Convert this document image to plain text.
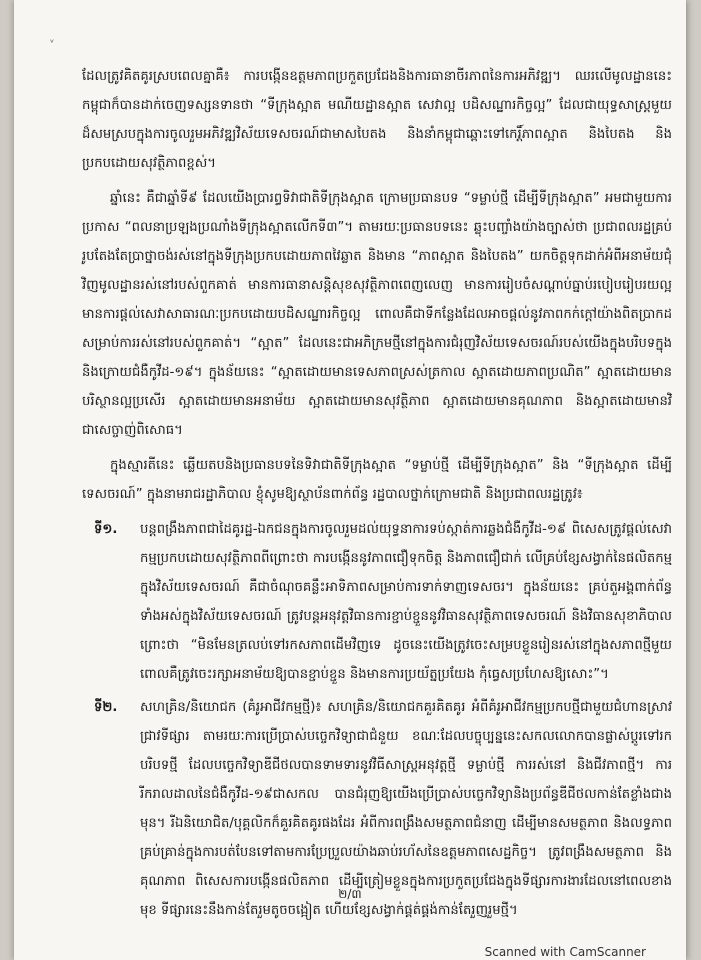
ᵛ

ដែលត្រូវគិតគូរស្របពេលគ្នាគឺ៖ ការបង្កើនឧត្តមភាពប្រកួតប្រជែងនិងការធានាចីរភាពនៃការអភិវឌ្ឍ។ ឈរលើមូលដ្ឋាននេះ កម្ពុជាក៏បានដាក់ចេញទស្សនទានថា “ទីក្រុងស្អាត មណីយដ្ឋានស្អាត សេវាល្អ បដិសណ្ឋារកិច្ចល្អ” ដែលជាយុទ្ធសាស្ត្រមួយដ៏សមស្របក្នុងការចូលរួមអភិវឌ្ឍវិស័យទេសចរណ៍ជាមាសបៃតង និងនាំកម្ពុជាឆ្ពោះទៅកេរ្តិ៍ភាពស្អាត និងបៃតង និងប្រកបដោយសុវត្ថិភាពខ្ពស់។

ឆ្នាំនេះ គឺជាឆ្នាំទី៩ ដែលយើងប្រារព្ធទិវាជាតិទីក្រុងស្អាត ក្រោមប្រធានបទ “ទម្លាប់ថ្មី ដើម្បីទីក្រុងស្អាត” អមជាមួយការប្រកាស “ពលនាប្រឡងប្រណាំងទីក្រុងស្អាតលើកទី៣”។ តាមរយៈប្រធានបទនេះ ឆ្លុះបញ្ចាំងយ៉ាងច្បាស់ថា ប្រជាពលរដ្ឋគ្រប់រូបតែងតែប្រាថ្នាចង់រស់នៅក្នុងទីក្រុងប្រកបដោយភាពវៃឆ្លាត និងមាន “ភាពស្អាត និងបៃតង” យកចិត្តទុកដាក់អំពីអនាម័យជុំវិញមូលដ្ឋានរស់នៅរបស់ពួកគាត់ មានការធានាសន្តិសុខសុវត្ថិភាពពេញលេញ មានការរៀបចំសណ្តាប់ធ្នាប់របៀបរៀបរយល្អ មានការផ្តល់សេវាសាធារណៈប្រកបដោយបដិសណ្ឋារកិច្ចល្អ ពោលគឺជាទីកន្លែងដែលអាចផ្តល់នូវភាពកក់ក្តៅយ៉ាងពិតប្រាកដសម្រាប់ការរស់នៅរបស់ពួកគាត់។ “ស្អាត” ដែលនេះជាអភិក្រមថ្មីនៅក្នុងការជំរុញវិស័យទេសចរណ៍របស់យើងក្នុងបរិបទក្នុងនិងក្រោយជំងឺកូវីដ-១៩។ ក្នុងន័យនេះ “ស្អាតដោយមានទេសភាពស្រស់ត្រកាល ស្អាតដោយភាពប្រណិត” ស្អាតដោយមានបរិស្ថានល្អប្រសើរ ស្អាតដោយមានអនាម័យ ស្អាតដោយមានសុវត្ថិភាព ស្អាតដោយមានគុណភាព និងស្អាតដោយមានវិជាសេច្ចាញ់ពិសោធ។

ក្នុងស្មារតីនេះ ឆ្លើយតបនិងប្រធានបទនៃទិវាជាតិទីក្រុងស្អាត “ទម្លាប់ថ្មី ដើម្បីទីក្រុងស្អាត” និង “ទីក្រុងស្អាត ដើម្បីទេសចរណ៍” ក្នុងនាមរាជរដ្ឋាភិបាល ខ្ញុំសូមឱ្យស្ថាប័នពាក់ព័ន្ធ រដ្ឋបាលថ្នាក់ក្រោមជាតិ និងប្រជាពលរដ្ឋត្រូវ៖

ទី១.	បន្តពង្រឹងភាពជាដៃគូរដ្ឋ-ឯកជនក្នុងការចូលរួមដល់យុទ្ធនាការទប់ស្កាត់ការឆ្លងជំងឺកូវីដ-១៩ ពិសេសត្រូវផ្តល់សេវាកម្មប្រកបដោយសុវត្ថិភាពពីព្រោះថា ការបង្កើននូវភាពជឿទុកចិត្ត និងភាពជឿជាក់ លើគ្រប់ខ្សែសង្វាក់នៃផលិតកម្មក្នុងវិស័យទេសចរណ៍ គឺជាចំណុចគន្លឹះអាទិភាពសម្រាប់ការទាក់ទាញទេសចរ។ ក្នុងន័យនេះ គ្រប់តួអង្គពាក់ព័ន្ធទាំងអស់ក្នុងវិស័យទេសចរណ៍ ត្រូវបន្តអនុវត្តវិធានការខ្ជាប់ខ្ជួននូវវិធានសុវត្ថិភាពទេសចរណ៍ និងវិធានសុខាភិបាលព្រោះថា “មិនមែនត្រលប់ទៅរកសភាពដើមវិញទេ ដូចនេះយើងត្រូវចេះសម្របខ្លួនរៀនរស់នៅក្នុងសភាពថ្មីមួយ ពោលគឺត្រូវចេះរក្សាអនាម័យឱ្យបានខ្ជាប់ខ្ជួន និងមានការប្រយ័ត្នប្រយែង កុំធ្វេសប្រហែសឱ្យសោះ”។
ទី២.	សហគ្រិន/និយោជក (គំរូអាជីវកម្មថ្មី)៖ សហគ្រិន/និយោជកគួរគិតគូរ អំពីគំរូអាជីវកម្មប្រកបថ្មីជាមួយជំហានស្រាវជ្រាវទីផ្សារ តាមរយៈការប្រើប្រាស់បច្ចេកវិទ្យាជាជំនួយ ខណៈដែលបច្ចុប្បន្ននេះសកលលោកបានផ្លាស់ប្តូរទៅរកបរិបទថ្មី ដែលបច្ចេកវិទ្យាឌីជីថលបានទាមទារនូវវិធីសាស្ត្រអនុវត្តថ្មី ទម្លាប់ថ្មី ការរស់នៅ និងជីវភាពថ្មី។ ការរីករាលដាលនៃជំងឺកូវីដ-១៩ជាសកល បានជំរុញឱ្យយើងប្រើប្រាស់បច្ចេកវិទ្យានិងប្រព័ន្ធឌីជីថលកាន់តែខ្លាំងជាងមុន។ រីឯនិយោជិត/បុគ្គលិកក៏គួរគិតគូរផងដែរ អំពីការពង្រឹងសមត្ថភាពជំនាញ ដើម្បីមានសមត្ថភាព និងលទ្ធភាពគ្រប់គ្រាន់ក្នុងការបត់បែនទៅតាមការប្រែប្រួលយ៉ាងឆាប់រហ័សនៃឧត្តមភាពសេដ្ឋកិច្ច។ ត្រូវពង្រឹងសមត្ថភាព និងគុណភាព ពិសេសការបង្កើនផលិតភាព ដើម្បីត្រៀមខ្លួនក្នុងការប្រកួតប្រជែងក្នុងទីផ្សារការងារដែលនៅពេលខាងមុខ ទីផ្សារនេះនឹងកាន់តែរួមតូចចង្អៀត ហើយខ្សែសង្វាក់ផ្គត់ផ្គង់កាន់តែរួញរួមថ្មី។
២/៣
Scanned with CamScanner
